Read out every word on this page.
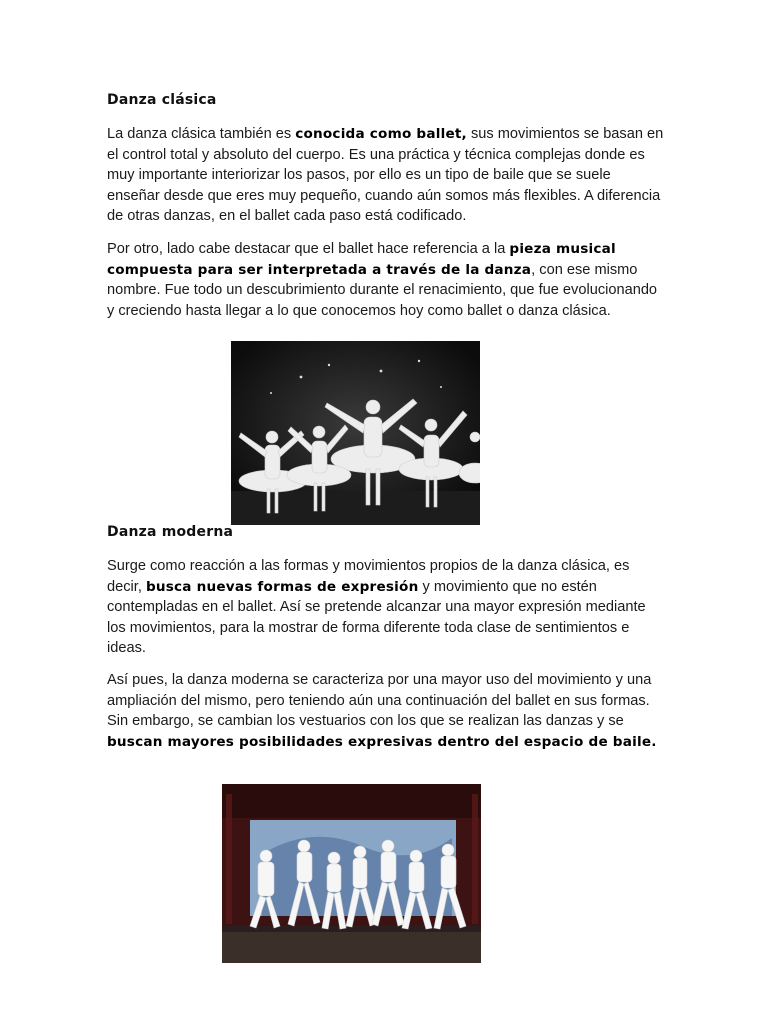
Danza clásica

La danza clásica también es conocida como ballet, sus movimientos se basan en el control total y absoluto del cuerpo. Es una práctica y técnica complejas donde es muy importante interiorizar los pasos, por ello es un tipo de baile que se suele enseñar desde que eres muy pequeño, cuando aún somos más flexibles. A diferencia de otras danzas, en el ballet cada paso está codificado.

Por otro, lado cabe destacar que el ballet hace referencia a la pieza musical compuesta para ser interpretada a través de la danza, con ese mismo nombre. Fue todo un descubrimiento durante el renacimiento, que fue evolucionando y creciendo hasta llegar a lo que conocemos hoy como ballet o danza clásica.

Danza moderna

Surge como reacción a las formas y movimientos propios de la danza clásica, es decir, busca nuevas formas de expresión y movimiento que no estén contempladas en el ballet. Así se pretende alcanzar una mayor expresión mediante los movimientos, para la mostrar de forma diferente toda clase de sentimientos e ideas.

Así pues, la danza moderna se caracteriza por una mayor uso del movimiento y una ampliación del mismo, pero teniendo aún una continuación del ballet en sus formas. Sin embargo, se cambian los vestuarios con los que se realizan las danzas y se buscan mayores posibilidades expresivas dentro del espacio de baile.
